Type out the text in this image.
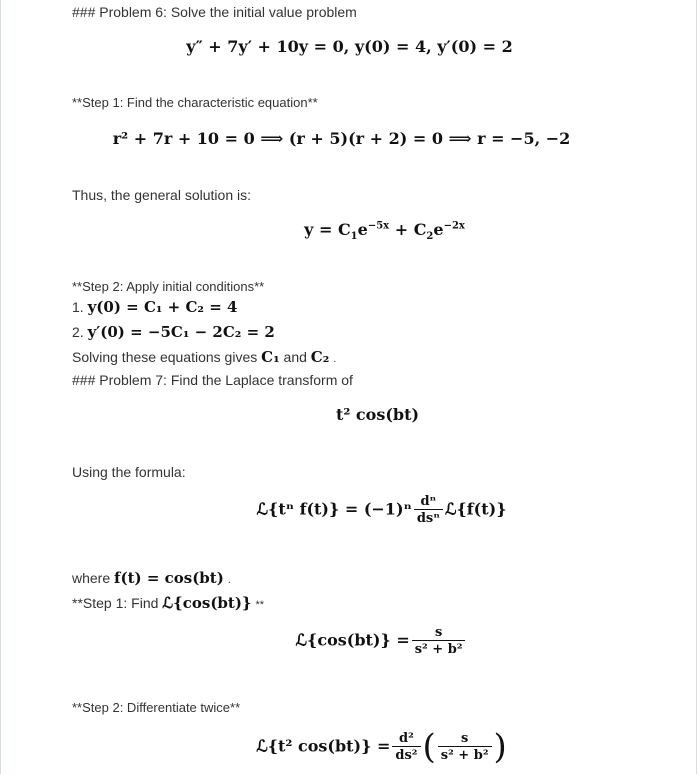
### Problem 6: Solve the initial value problem
y″ + 7y′ + 10y = 0, y(0) = 4, y′(0) = 2
**Step 1: Find the characteristic equation**
r² + 7r + 10 = 0 ⟹ (r + 5)(r + 2) = 0 ⟹ r = −5, −2
Thus, the general solution is:
$y = C_1e^{-5x} + C_2e^{-2x}$
**Step 2: Apply initial conditions**
1. y(0) = C₁ + C₂ = 4
2. y′(0) = −5C₁ − 2C₂ = 2
Solving these equations gives C₁ and C₂ .
### Problem 7: Find the Laplace transform of
t² cos(bt)
Using the formula:
ℒ{tⁿ $f(t)\} = (-1)^n \frac{\text{dⁿ}}{\text{dsⁿ}}$ ℒ{f(t)}
where f(t) = cos(bt) .
**Step 1: Find ℒ{cos(bt)} **
ℒ{cos(bt)} = $\frac{s}{\text{s² + b²}}$
**Step 2: Differentiate twice**
ℒ{t² $\cos(bt)\} = \frac{\text{d²}}{\text{ds²}}$ ( $\frac{s}{\text{s² + b²}}$ )
